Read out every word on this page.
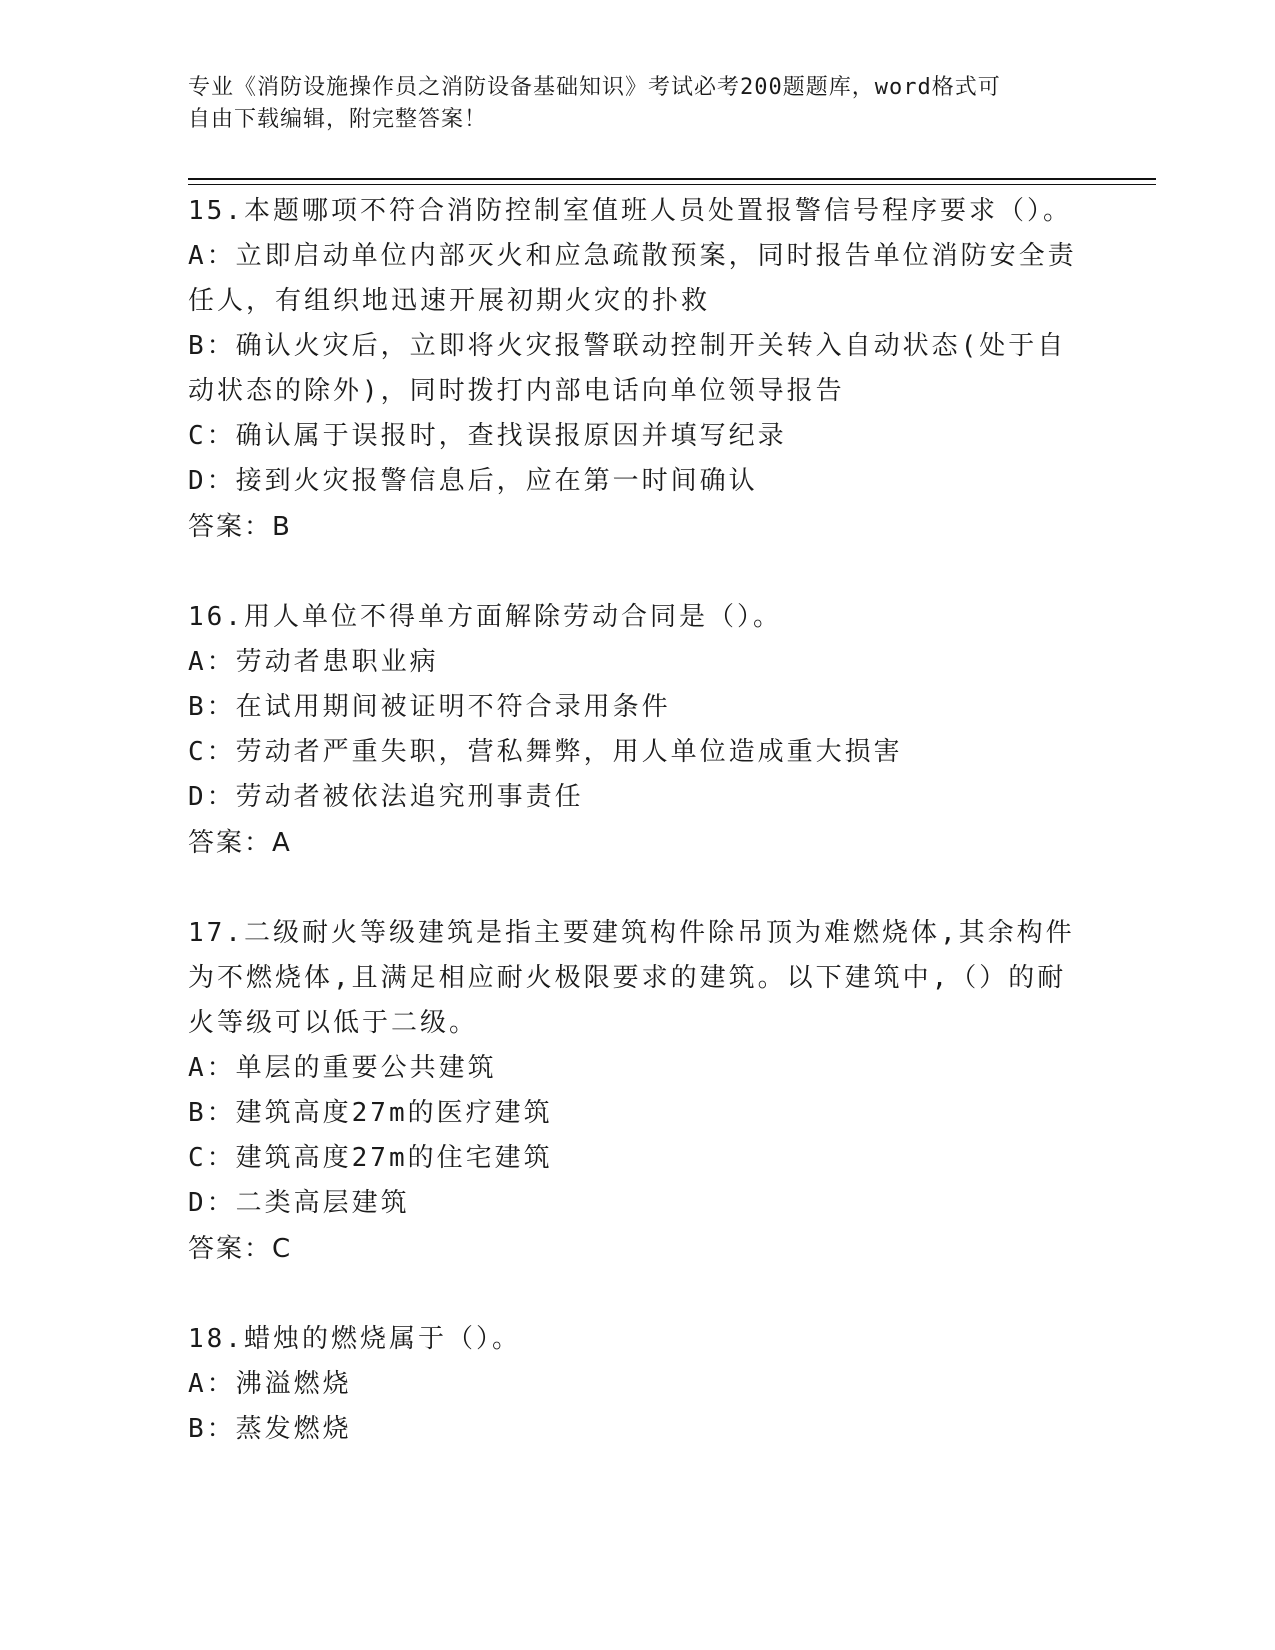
专业《消防设施操作员之消防设备基础知识》考试必考200题题库，word格式可
自由下载编辑，附完整答案！

15.本题哪项不符合消防控制室值班人员处置报警信号程序要求（）。

A：立即启动单位内部灭火和应急疏散预案，同时报告单位消防安全责

任人，有组织地迅速开展初期火灾的扑救

B：确认火灾后，立即将火灾报警联动控制开关转入自动状态(处于自

动状态的除外)，同时拨打内部电话向单位领导报告

C：确认属于误报时，查找误报原因并填写纪录

D：接到火灾报警信息后，应在第一时间确认

答案：B

16.用人单位不得单方面解除劳动合同是（）。

A：劳动者患职业病

B：在试用期间被证明不符合录用条件

C：劳动者严重失职，营私舞弊，用人单位造成重大损害

D：劳动者被依法追究刑事责任

答案：A

17.二级耐火等级建筑是指主要建筑构件除吊顶为难燃烧体,其余构件

为不燃烧体,且满足相应耐火极限要求的建筑。以下建筑中,（）的耐

火等级可以低于二级。

A：单层的重要公共建筑

B：建筑高度27m的医疗建筑

C：建筑高度27m的住宅建筑

D：二类高层建筑

答案：C

18.蜡烛的燃烧属于（）。

A：沸溢燃烧

B：蒸发燃烧
